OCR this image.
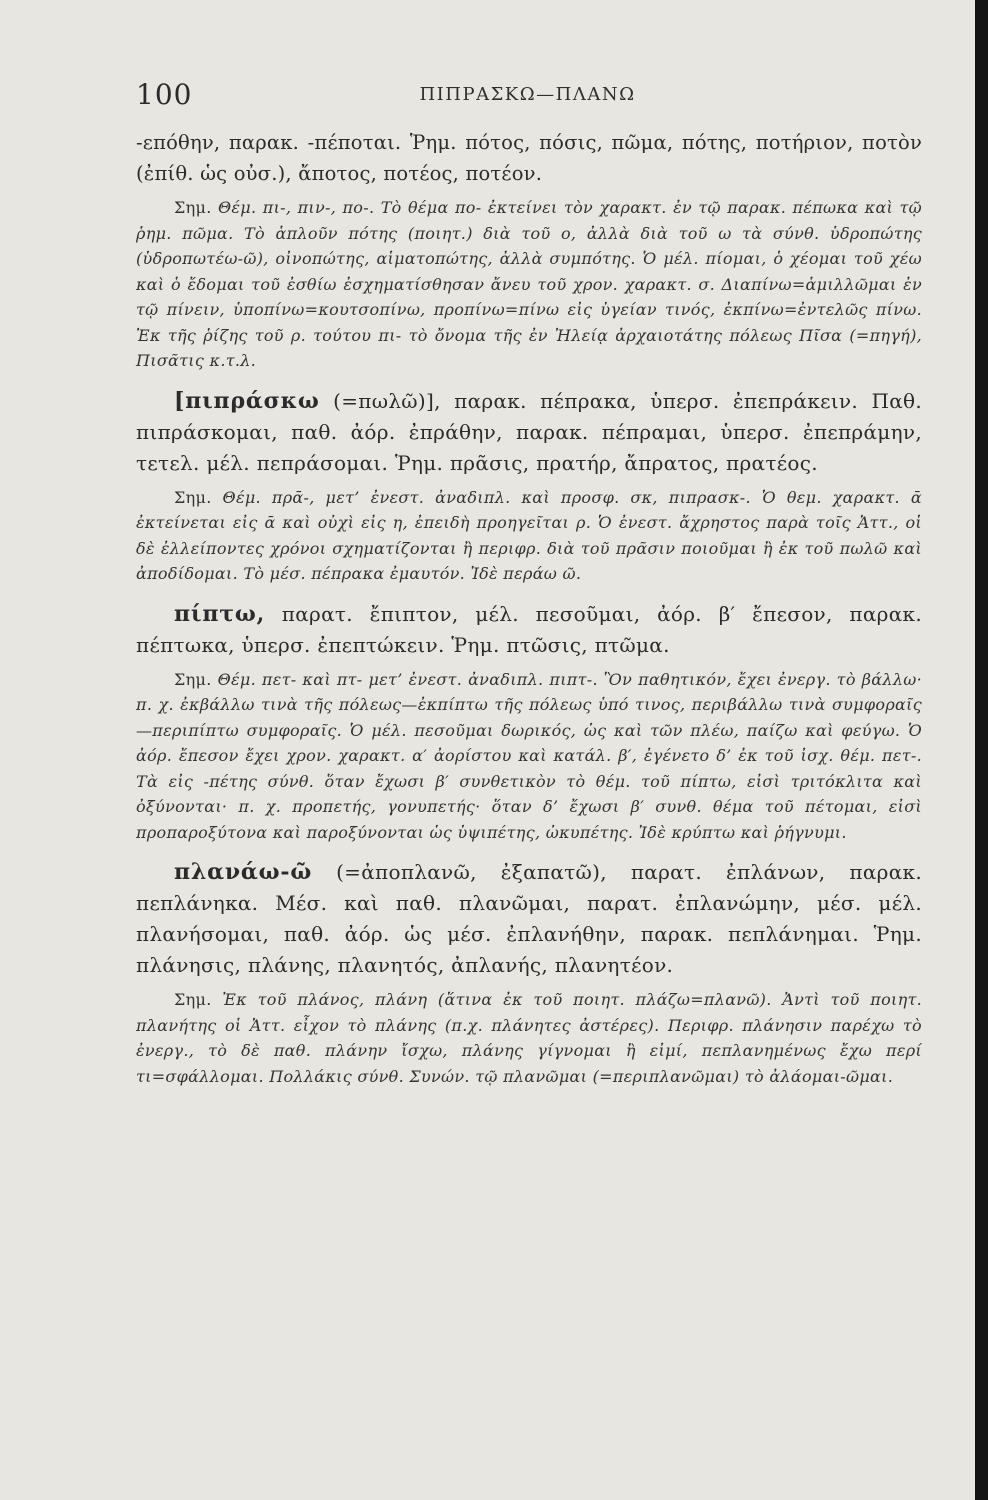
100	ΠΙΠΡΑΣΚΩ—ΠΛΑΝΩ

-επόθην, παρακ. -πέποται. Ῥημ. πότος, πόσις, πῶμα, πότης, ποτήριον, ποτὸν (ἐπίθ. ὡς οὐσ.), ἄποτος, ποτέος, ποτέον.

Σημ. Θέμ. πι-, πιν-, πο-. Τὸ θέμα πο- ἐκτείνει τὸν χαρακτ. ἐν τῷ παρακ. πέπωκα καὶ τῷ ῥημ. πῶμα. Τὸ ἁπλοῦν πότης (ποιητ.) διὰ τοῦ ο, ἀλλὰ διὰ τοῦ ω τὰ σύνθ. ὑδροπώτης (ὑδροπωτέω-ῶ), οἰνοπώτης, αἱματοπώτης, ἀλλὰ συμπότης. Ὁ μέλ. πίομαι, ὁ χέομαι τοῦ χέω καὶ ὁ ἔδομαι τοῦ ἐσθίω ἐσχηματίσθησαν ἄνευ τοῦ χρον. χαρακτ. σ. Διαπίνω=ἁμιλλῶμαι ἐν τῷ πίνειν, ὑποπίνω=κουτσοπίνω, προπίνω=πίνω εἰς ὑγείαν τινός, ἐκπίνω=ἐντελῶς πίνω. Ἐκ τῆς ῥίζης τοῦ ρ. τούτου πι- τὸ ὄνομα τῆς ἐν Ἠλείᾳ ἀρχαιοτάτης πόλεως Πῖσα (=πηγή), Πισᾶτις κ.τ.λ.

[πιπράσκω (=πωλῶ)], παρακ. πέπρακα, ὑπερσ. ἐπεπράκειν. Παθ. πιπράσκομαι, παθ. ἀόρ. ἐπράθην, παρακ. πέπραμαι, ὑπερσ. ἐπεπράμην, τετελ. μέλ. πεπράσομαι. Ῥημ. πρᾶσις, πρατήρ, ἄπρατος, πρατέος.

Σημ. Θέμ. πρᾱ-, μετ’ ἐνεστ. ἀναδιπλ. καὶ προσφ. σκ, πιπρασκ-. Ὁ θεμ. χαρακτ. ᾱ ἐκτείνεται εἰς ᾱ καὶ οὐχὶ εἰς η, ἐπειδὴ προηγεῖται ρ. Ὁ ἐνεστ. ἄχρηστος παρὰ τοῖς Ἀττ., οἱ δὲ ἐλλείποντες χρόνοι σχηματίζονται ἢ περιφρ. διὰ τοῦ πρᾶσιν ποιοῦμαι ἢ ἐκ τοῦ πωλῶ καὶ ἀποδίδομαι. Τὸ μέσ. πέπρακα ἐμαυτόν. Ἰδὲ περάω ῶ.

πίπτω, παρατ. ἔπιπτον, μέλ. πεσοῦμαι, ἀόρ. β′ ἔπεσον, παρακ. πέπτωκα, ὑπερσ. ἐπεπτώκειν. Ῥημ. πτῶσις, πτῶμα.

Σημ. Θέμ. πετ- καὶ πτ- μετ’ ἐνεστ. ἀναδιπλ. πιπτ-. Ὃν παθητικόν, ἔχει ἐνεργ. τὸ βάλλω· π. χ. ἐκβάλλω τινὰ τῆς πόλεως—ἐκπίπτω τῆς πόλεως ὑπό τινος, περιβάλλω τινὰ συμφοραῖς—περιπίπτω συμφοραῖς. Ὁ μέλ. πεσοῦμαι δωρικός, ὡς καὶ τῶν πλέω, παίζω καὶ φεύγω. Ὁ ἀόρ. ἔπεσον ἔχει χρον. χαρακτ. α′ ἀορίστου καὶ κατάλ. β′, ἐγένετο δ’ ἐκ τοῦ ἰσχ. θέμ. πετ-. Τὰ εἰς -πέτης σύνθ. ὅταν ἔχωσι β′ συνθετικὸν τὸ θέμ. τοῦ πίπτω, εἰσὶ τριτόκλιτα καὶ ὀξύνονται· π. χ. προπετής, γονυπετής· ὅταν δ’ ἔχωσι β′ συνθ. θέμα τοῦ πέτομαι, εἰσὶ προπαροξύτονα καὶ παροξύνονται ὡς ὑψιπέτης, ὠκυπέτης. Ἰδὲ κρύπτω καὶ ῥήγνυμι.

πλανάω-ῶ (=ἀποπλανῶ, ἐξαπατῶ), παρατ. ἐπλάνων, παρακ. πεπλάνηκα. Μέσ. καὶ παθ. πλανῶμαι, παρατ. ἐπλανώμην, μέσ. μέλ. πλανήσομαι, παθ. ἀόρ. ὡς μέσ. ἐπλανήθην, παρακ. πεπλάνημαι. Ῥημ. πλάνησις, πλάνης, πλανητός, ἀπλανής, πλανητέον.

Σημ. Ἐκ τοῦ πλάνος, πλάνη (ἅτινα ἐκ τοῦ ποιητ. πλάζω=πλανῶ). Ἀντὶ τοῦ ποιητ. πλανήτης οἱ Ἀττ. εἶχον τὸ πλάνης (π.χ. πλάνητες ἀστέρες). Περιφρ. πλάνησιν παρέχω τὸ ἐνεργ., τὸ δὲ παθ. πλάνην ἴσχω, πλάνης γίγνομαι ἢ εἰμί, πεπλανημένως ἔχω περί τι=σφάλλομαι. Πολλάκις σύνθ. Συνών. τῷ πλανῶμαι (=περιπλανῶμαι) τὸ ἀλάομαι-ῶμαι.
